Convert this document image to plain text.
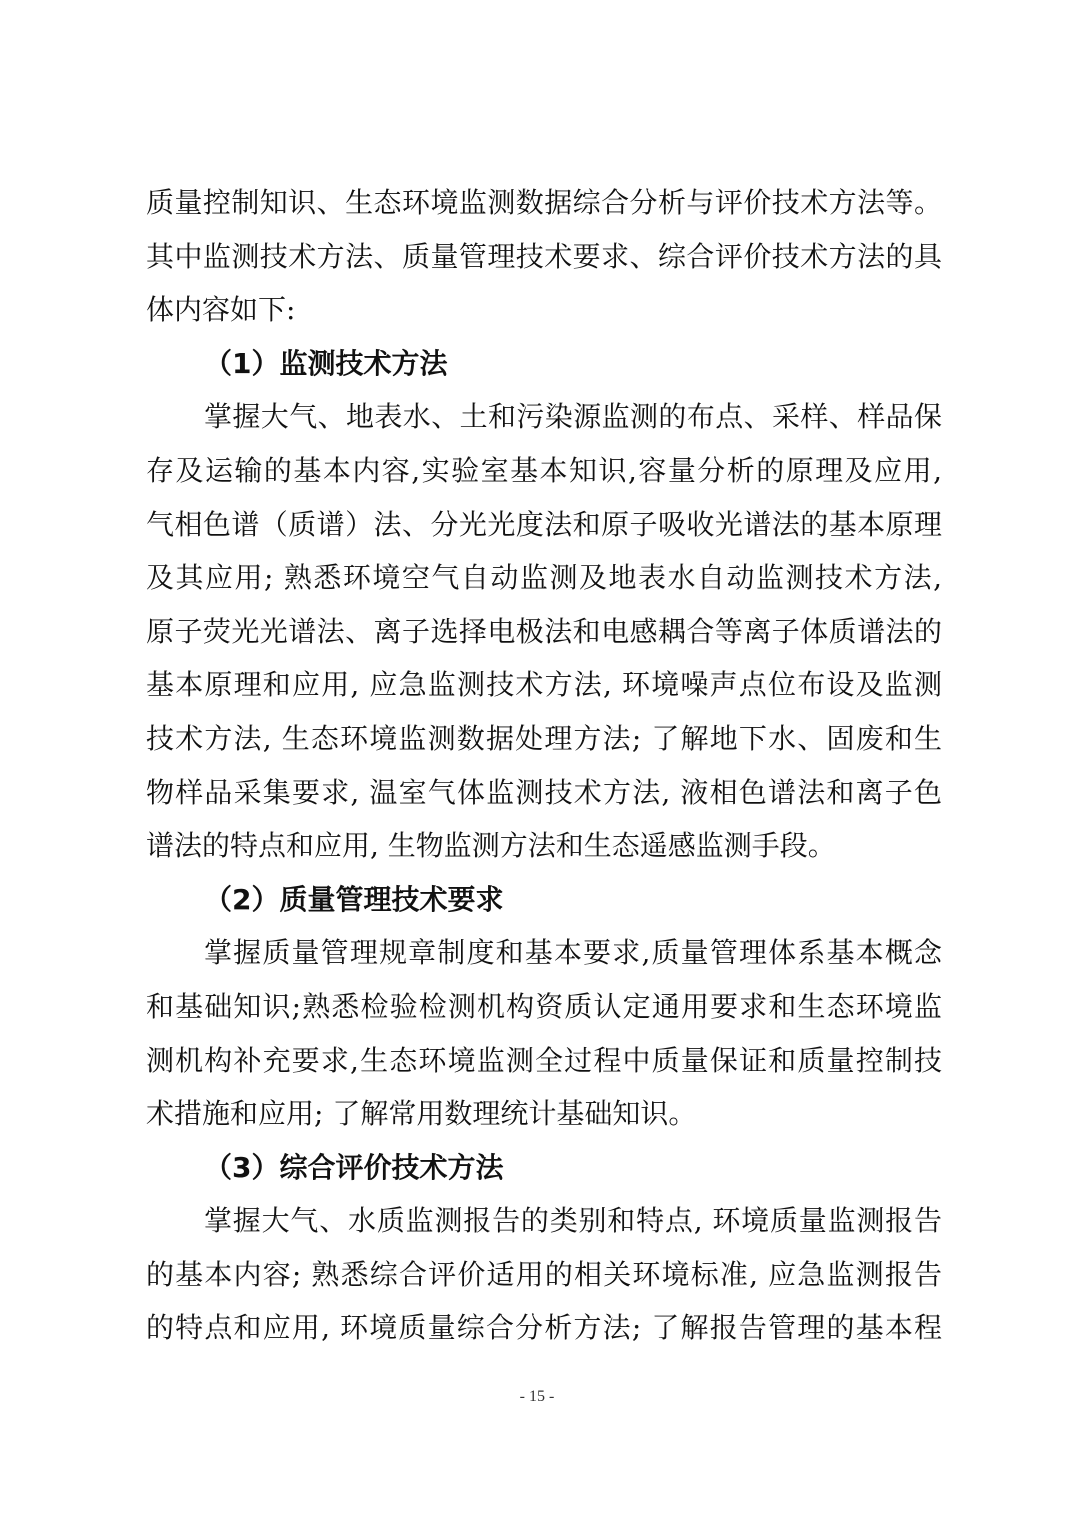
质量控制知识、生态环境监测数据综合分析与评价技术方法等。
其中监测技术方法、质量管理技术要求、综合评价技术方法的具
体内容如下:
（1）监测技术方法
掌握大气、地表水、土和污染源监测的布点、采样、样品保
存及运输的基本内容,实验室基本知识,容量分析的原理及应用,
气相色谱（质谱）法、分光光度法和原子吸收光谱法的基本原理
及其应用; 熟悉环境空气自动监测及地表水自动监测技术方法,
原子荧光光谱法、离子选择电极法和电感耦合等离子体质谱法的
基本原理和应用, 应急监测技术方法, 环境噪声点位布设及监测
技术方法, 生态环境监测数据处理方法; 了解地下水、固废和生
物样品采集要求, 温室气体监测技术方法, 液相色谱法和离子色
谱法的特点和应用, 生物监测方法和生态遥感监测手段。
（2）质量管理技术要求
掌握质量管理规章制度和基本要求,质量管理体系基本概念
和基础知识;熟悉检验检测机构资质认定通用要求和生态环境监
测机构补充要求,生态环境监测全过程中质量保证和质量控制技
术措施和应用; 了解常用数理统计基础知识。
（3）综合评价技术方法
掌握大气、水质监测报告的类别和特点, 环境质量监测报告
的基本内容; 熟悉综合评价适用的相关环境标准, 应急监测报告
的特点和应用, 环境质量综合分析方法; 了解报告管理的基本程
- 15 -
